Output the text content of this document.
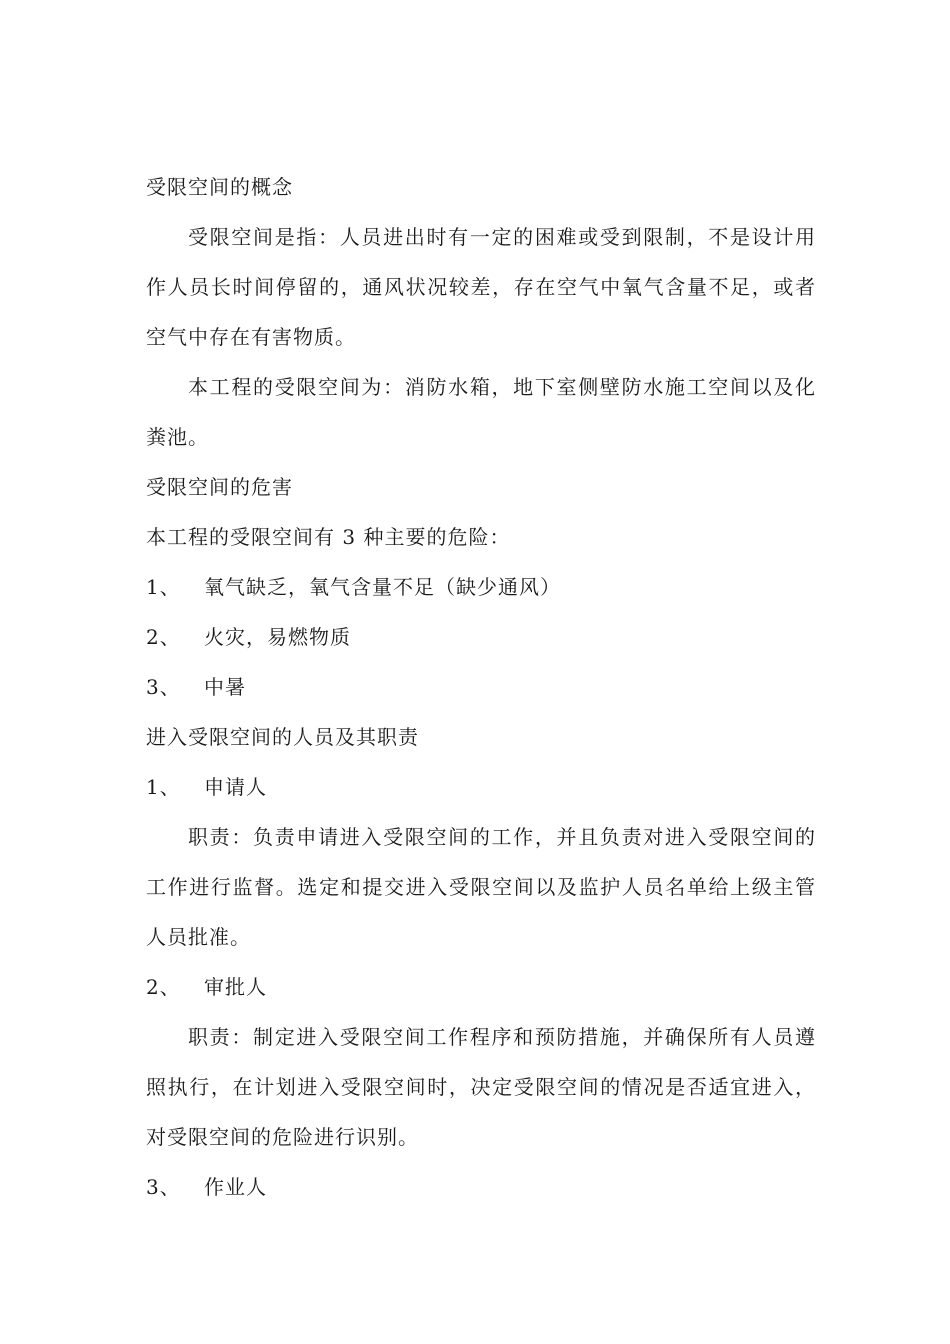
受限空间的概念

受限空间是指：人员进出时有一定的困难或受到限制，不是设计用作人员长时间停留的，通风状况较差，存在空气中氧气含量不足，或者空气中存在有害物质。

本工程的受限空间为：消防水箱，地下室侧壁防水施工空间以及化粪池。

受限空间的危害
本工程的受限空间有 3 种主要的危险：
1、	氧气缺乏，氧气含量不足（缺少通风）
2、	火灾，易燃物质
3、	中暑
进入受限空间的人员及其职责
1、	申请人

职责：负责申请进入受限空间的工作，并且负责对进入受限空间的工作进行监督。选定和提交进入受限空间以及监护人员名单给上级主管人员批准。

2、	审批人

职责：制定进入受限空间工作程序和预防措施，并确保所有人员遵照执行，在计划进入受限空间时，决定受限空间的情况是否适宜进入，对受限空间的危险进行识别。

3、	作业人
